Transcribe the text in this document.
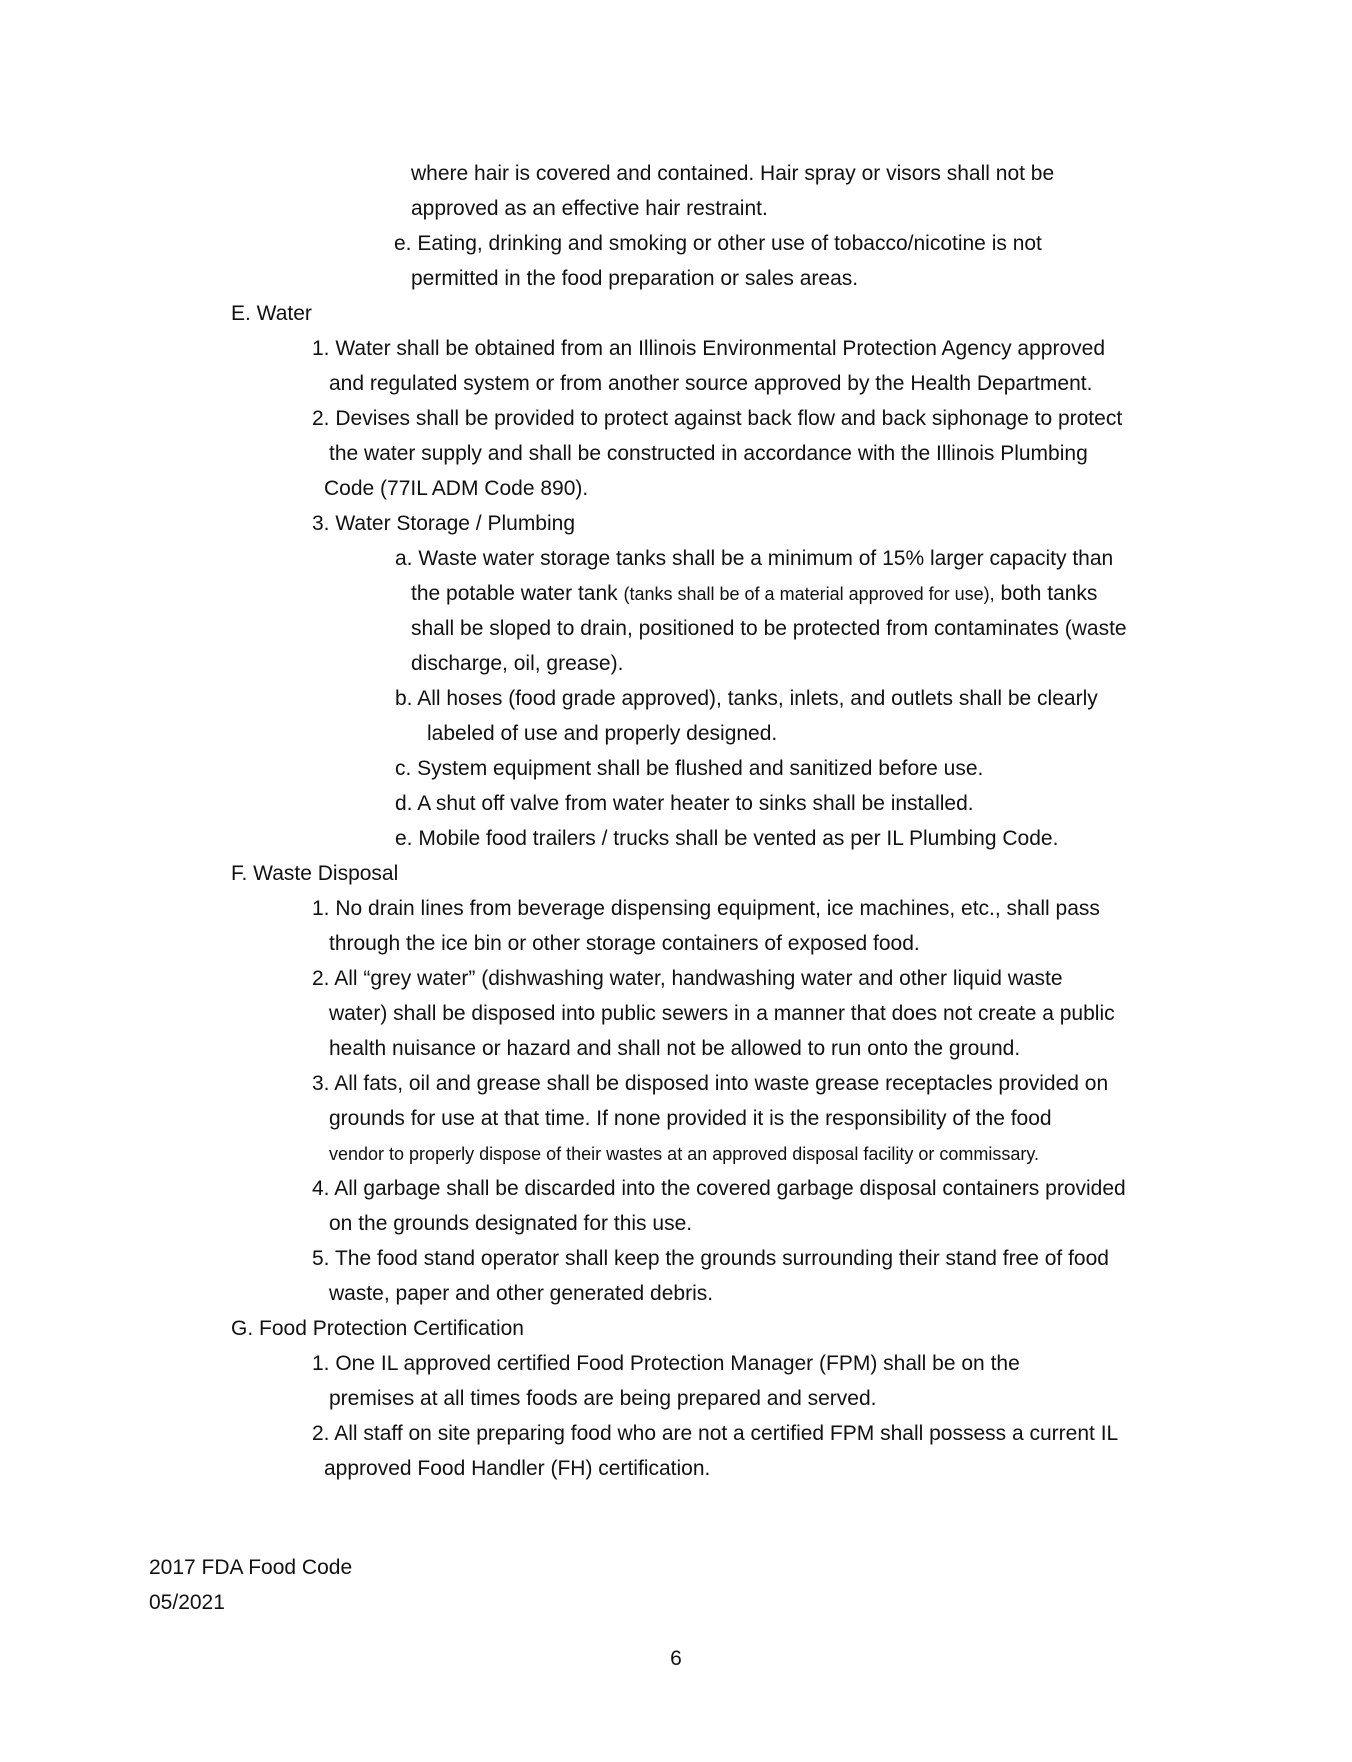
where hair is covered and contained. Hair spray or visors shall not be
approved as an effective hair restraint.
e. Eating, drinking and smoking or other use of tobacco/nicotine is not
permitted in the food preparation or sales areas.
E. Water
1. Water shall be obtained from an Illinois Environmental Protection Agency approved
and regulated system or from another source approved by the Health Department.
2. Devises shall be provided to protect against back flow and back siphonage to protect
the water supply and shall be constructed in accordance with the Illinois Plumbing
Code (77IL ADM Code 890).
3. Water Storage / Plumbing
a. Waste water storage tanks shall be a minimum of 15% larger capacity than
the potable water tank (tanks shall be of a material approved for use), both tanks
shall be sloped to drain, positioned to be protected from contaminates (waste
discharge, oil, grease).
b. All hoses (food grade approved), tanks, inlets, and outlets shall be clearly
labeled of use and properly designed.
c. System equipment shall be flushed and sanitized before use.
d. A shut off valve from water heater to sinks shall be installed.
e. Mobile food trailers / trucks shall be vented as per IL Plumbing Code.
F. Waste Disposal
1. No drain lines from beverage dispensing equipment, ice machines, etc., shall pass
through the ice bin or other storage containers of exposed food.
2. All “grey water” (dishwashing water, handwashing water and other liquid waste
water) shall be disposed into public sewers in a manner that does not create a public
health nuisance or hazard and shall not be allowed to run onto the ground.
3. All fats, oil and grease shall be disposed into waste grease receptacles provided on
grounds for use at that time. If none provided it is the responsibility of the food
vendor to properly dispose of their wastes at an approved disposal facility or commissary.
4. All garbage shall be discarded into the covered garbage disposal containers provided
on the grounds designated for this use.
5. The food stand operator shall keep the grounds surrounding their stand free of food
waste, paper and other generated debris.
G. Food Protection Certification
1. One IL approved certified Food Protection Manager (FPM) shall be on the
premises at all times foods are being prepared and served.
2. All staff on site preparing food who are not a certified FPM shall possess a current IL
approved Food Handler (FH) certification.
2017 FDA Food Code
05/2021
6
